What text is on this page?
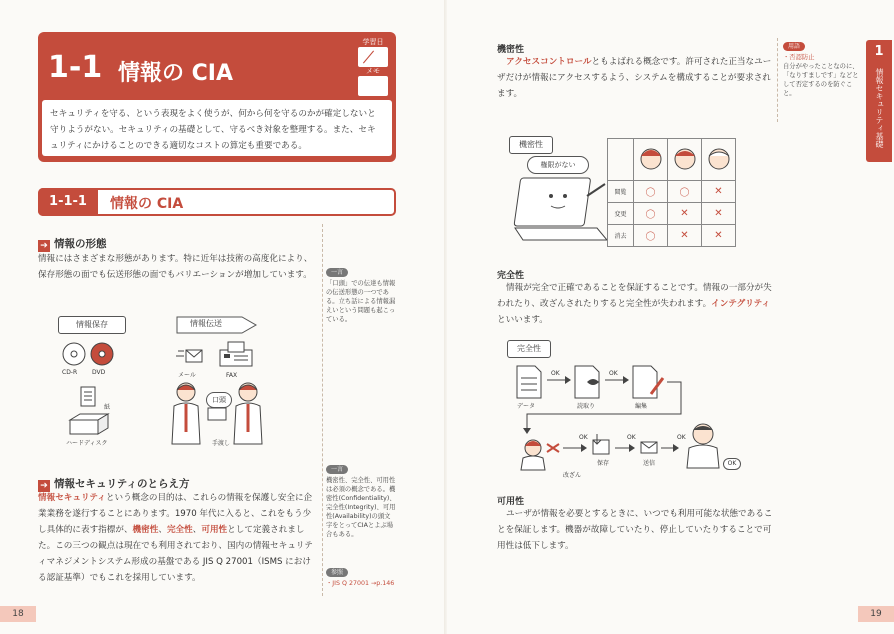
1-1 情報の CIA
学習日
メモ
セキュリティを守る、という表現をよく使うが、何から何を守るのかが確定しないと守りようがない。セキュリティの基礎として、守るべき対象を整理する。また、セキュリティにかけることのできる適切なコストの算定も重要である。
1-1-1	情報の CIA
➔ 情報の形態
情報にはさまざまな形態があります。特に近年は技術の高度化により、保存形態の面でも伝送形態の面でもバリエーションが増加しています。
情報保存	情報伝送
CD-R DVD
紙
ハードディスク
メール	FAX
口頭
手渡し
➔ 情報セキュリティのとらえ方
情報セキュリティという概念の目的は、これらの情報を保護し安全に企業業務を遂行することにあります。1970 年代に入ると、これをもう少し具体的に表す指標が、機密性、完全性、可用性として定義されました。この三つの観点は現在でも利用されており、国内の情報セキュリティマネジメントシステム形成の基盤である JIS Q 27001（ISMS における認証基準）でもこれを採用しています。
一言
「口頭」での伝達も情報の伝送形態の一つである。立ち話による情報漏えいという問題も起こっている。
一言
機密性、完全性、可用性は必須の概念である。機密性(Confidentiality)、完全性(Integrity)、可用性(Availability)の頭文字をとってCIAとよぶ場合もある。
参照
・JIS Q 27001 →p.146
18
機密性
アクセスコントロールともよばれる概念です。許可された正当なユーザだけが情報にアクセスするよう、システムを構成することが要求されます。
機密性
権限がない

閲覧	〇	〇	✕
変更	〇	✕	✕
消去	〇	✕	✕
完全性
情報が完全で正確であることを保証することです。情報の一部分が失われたり、改ざんされたりすると完全性が失われます。インテグリティといいます。
完全性
OK
データ	読取り	編集
OK	OK
OK	OK	OK
保存	送信
改ざん
可用性
ユーザが情報を必要とするときに、いつでも利用可能な状態であることを保証します。機器が故障していたり、停止していたりすることで可用性は低下します。
用語
・否認防止
自分がやったことなのに、「なりすましです」などとして否定するのを防ぐこと。
19
1
情報セキュリティ基礎
